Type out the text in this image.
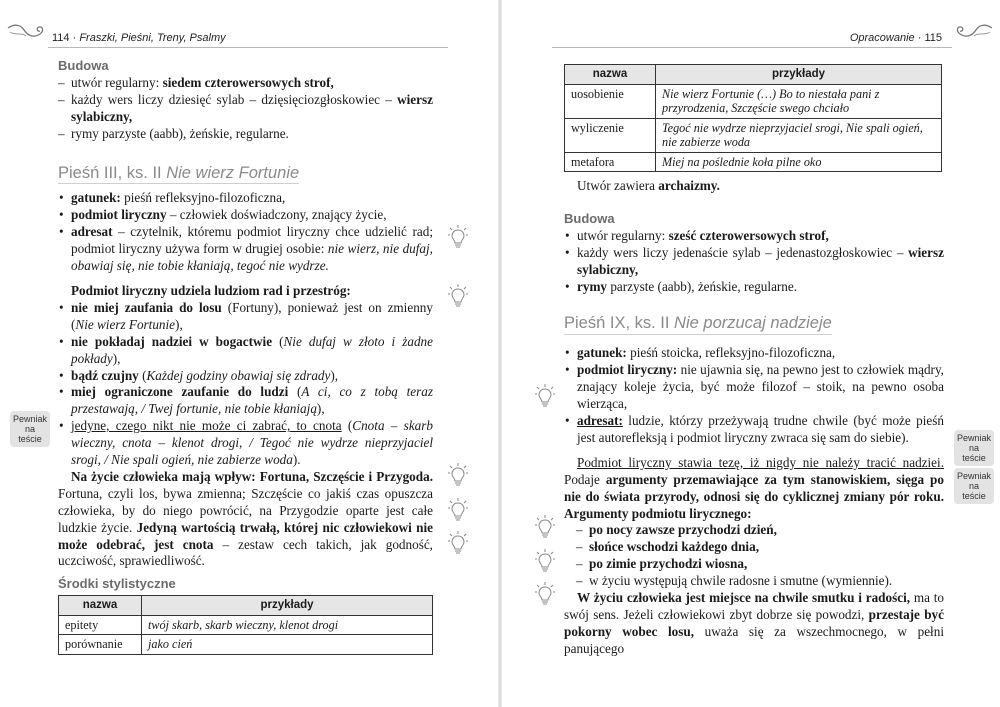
114 · Fraszki, Pieśni, Treny, Psalmy
Budowa
– utwór regularny: siedem czterowersowych strof,
– każdy wers liczy dziesięć sylab – dzięsięciozgłoskowiec – wiersz sylabiczny,
– rymy parzyste (aabb), żeńskie, regularne.
Pieśń III, ks. II Nie wierz Fortunie
• gatunek: pieśń refleksyjno-filozoficzna,
• podmiot liryczny – człowiek doświadczony, znający życie,
• adresat – czytelnik, któremu podmiot liryczny chce udzielić rad; podmiot liryczny używa form w drugiej osobie: nie wierz, nie dufaj, obawiaj się, nie tobie kłaniają, tegoć nie wydrze.

Podmiot liryczny udziela ludziom rad i przestróg:

• nie miej zaufania do losu (Fortuny), ponieważ jest on zmienny (Nie wierz Fortunie),
• nie pokładaj nadziei w bogactwie (Nie dufaj w złoto i żadne pokłady),
• bądź czujny (Każdej godziny obawiaj się zdrady),
• miej ograniczone zaufanie do ludzi (A ci, co z tobą teraz przestawają, / Twej fortunie, nie tobie kłaniają),
• jedyne, czego nikt nie może ci zabrać, to cnota (Cnota – skarb wieczny, cnota – klenot drogi, / Tegoć nie wydrze nieprzyjaciel srogi, / Nie spali ogień, nie zabierze woda).

Na życie człowieka mają wpływ: Fortuna, Szczęście i Przygoda. Fortuna, czyli los, bywa zmienna; Szczęście co jakiś czas opuszcza człowieka, by do niego powrócić, na Przygodzie oparte jest całe ludzkie życie. Jedyną wartością trwałą, której nic człowiekowi nie może odebrać, jest cnota – zestaw cech takich, jak godność, uczciwość, sprawiedliwość.

Środki stylistyczne
nazwa	przykłady
epitety	twój skarb, skarb wieczny, klenot drogi
porównanie	jako cień
Pewniak na teście
Opracowanie · 115
nazwa	przykłady
uosobienie	Nie wierz Fortunie (…) Bo to niestała pani z przyrodzenia, Szczęście swego chciało
wyliczenie	Tegoć nie wydrze nieprzyjaciel srogi, Nie spali ogień, nie zabierze woda
metafora	Miej na poślednie koła pilne oko

Utwór zawiera archaizmy.

Budowa
• utwór regularny: sześć czterowersowych strof,
• każdy wers liczy jedenaście sylab – jedenastozgłoskowiec – wiersz sylabiczny,
• rymy parzyste (aabb), żeńskie, regularne.
Pieśń IX, ks. II Nie porzucaj nadzieje
• gatunek: pieśń stoicka, refleksyjno-filozoficzna,
• podmiot liryczny: nie ujawnia się, na pewno jest to człowiek mądry, znający koleje życia, być może filozof – stoik, na pewno osoba wierząca,
• adresat: ludzie, którzy przeżywają trudne chwile (być może pieśń jest autorefleksją i podmiot liryczny zwraca się sam do siebie).

Podmiot liryczny stawia tezę, iż nigdy nie należy tracić nadziei. Podaje argumenty przemawiające za tym stanowiskiem, sięga po nie do świata przyrody, odnosi się do cyklicznej zmiany pór roku. Argumenty podmiotu lirycznego:

– po nocy zawsze przychodzi dzień,
– słońce wschodzi każdego dnia,
– po zimie przychodzi wiosna,
– w życiu występują chwile radosne i smutne (wymiennie).

W życiu człowieka jest miejsce na chwile smutku i radości, ma to swój sens. Jeżeli człowiekowi zbyt dobrze się powodzi, przestaje być pokorny wobec losu, uważa się za wszechmocnego, w pełni panującego

Pewniak na teście
Pewniak na teście
